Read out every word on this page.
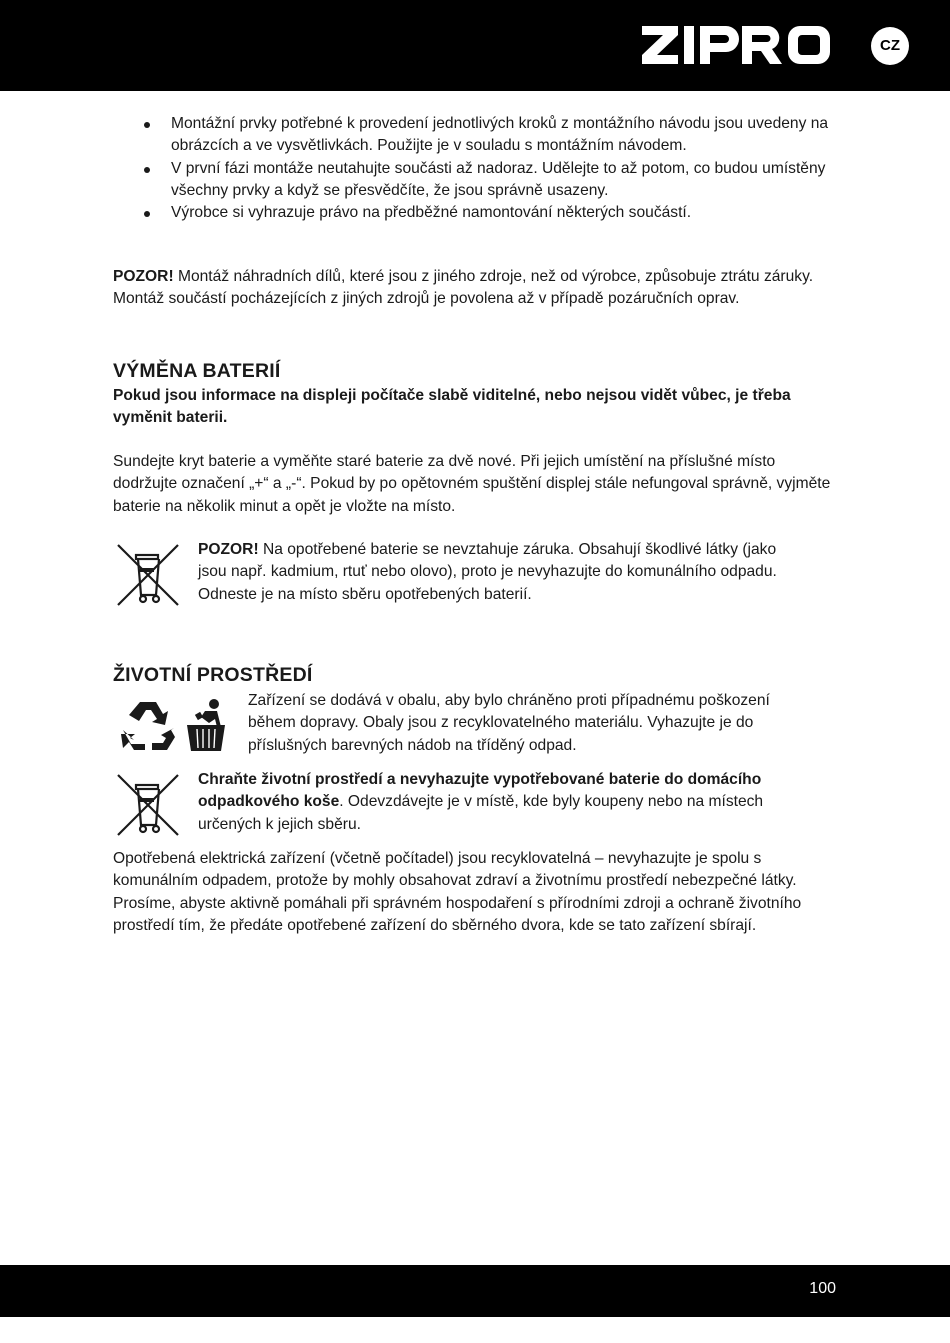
CZ
Montážní prvky potřebné k provedení jednotlivých kroků z montážního návodu jsou uvedeny na obrázcích a ve vysvětlivkách. Použijte je v souladu s montážním návodem.
V první fázi montáže neutahujte součásti až nadoraz. Udělejte to až potom, co budou umístěny všechny prvky a když se přesvědčíte, že jsou správně usazeny.
Výrobce si vyhrazuje právo na předběžné namontování některých součástí.

POZOR! Montáž náhradních dílů, které jsou z jiného zdroje, než od výrobce, způsobuje ztrátu záruky. Montáž součástí pocházejících z jiných zdrojů je povolena až v případě pozáručních oprav.

VÝMĚNA BATERIÍ

Pokud jsou informace na displeji počítače slabě viditelné, nebo nejsou vidět vůbec, je třeba vyměnit baterii.

Sundejte kryt baterie a vyměňte staré baterie za dvě nové. Při jejich umístění na příslušné místo dodržujte označení „+“ a „-“. Pokud by po opětovném spuštění displej stále nefungoval správně, vyjměte baterie na několik minut a opět je vložte na místo.

POZOR! Na opotřebené baterie se nevztahuje záruka. Obsahují škodlivé látky (jako jsou např. kadmium, rtuť nebo olovo), proto je nevyhazujte do komunálního odpadu. Odneste je na místo sběru opotřebených baterií.

ŽIVOTNÍ PROSTŘEDÍ

Zařízení se dodává v obalu, aby bylo chráněno proti případnému poškození během dopravy. Obaly jsou z recyklovatelného materiálu. Vyhazujte je do příslušných barevných nádob na tříděný odpad.

Chraňte životní prostředí a nevyhazujte vypotřebované baterie do domácího odpadkového koše. Odevzdávejte je v místě, kde byly koupeny nebo na místech určených k jejich sběru.

Opotřebená elektrická zařízení (včetně počítadel) jsou recyklovatelná – nevyhazujte je spolu s komunálním odpadem, protože by mohly obsahovat zdraví a životnímu prostředí nebezpečné látky. Prosíme, abyste aktivně pomáhali při správném hospodaření s přírodními zdroji a ochraně životního prostředí tím, že předáte opotřebené zařízení do sběrného dvora, kde se tato zařízení sbírají.

100
